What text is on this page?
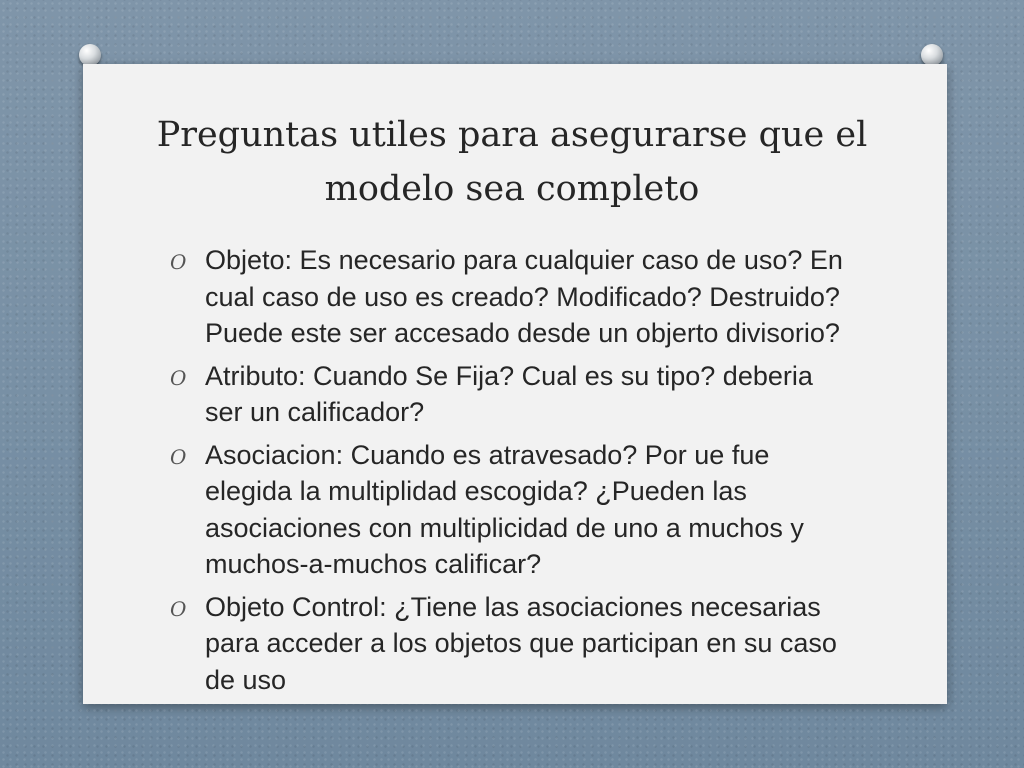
Preguntas utiles para asegurarse que el modelo sea completo
O Objeto: Es necesario para cualquier caso de uso? En cual caso de uso es creado? Modificado? Destruido?Puede este ser accesado desde un objerto divisorio?
O Atributo: Cuando Se Fija? Cual es su tipo? deberia ser un calificador?
O Asociacion: Cuando es atravesado? Por ue fue elegida la multiplidad escogida? ¿Pueden las asociaciones con multiplicidad de uno a muchos y muchos-a-muchos calificar?
O Objeto Control: ¿Tiene las asociaciones necesarias para acceder a los objetos que participan en su caso de uso
